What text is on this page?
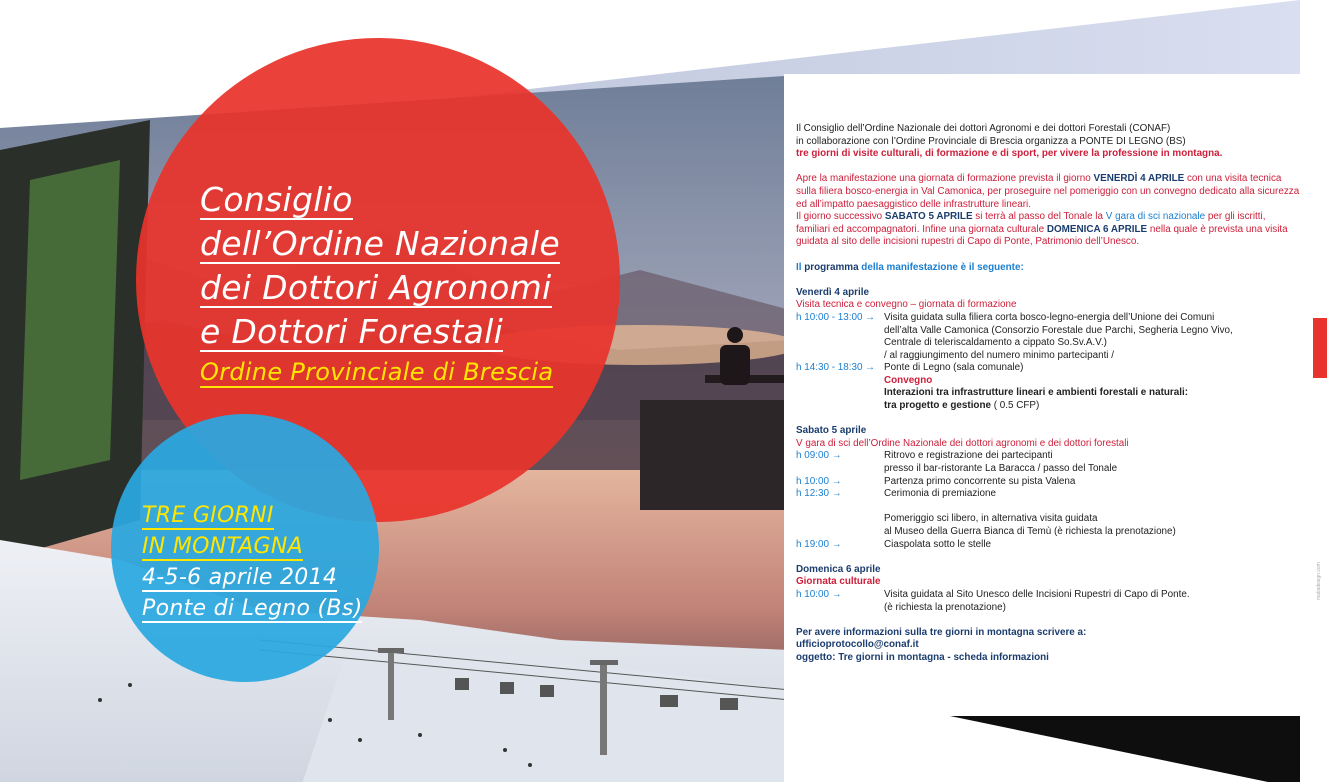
Consiglio
dell’Ordine Nazionale
dei Dottori Agronomi
e Dottori Forestali
Ordine Provinciale di Brescia
TRE GIORNI
IN MONTAGNA
4-5-6 aprile 2014
Ponte di Legno (Bs)
Il Consiglio dell’Ordine Nazionale dei dottori Agronomi e dei dottori Forestali (CONAF)
in collaborazione con l’Ordine Provinciale di Brescia organizza a PONTE DI LEGNO (BS)
tre giorni di visite culturali, di formazione e di sport, per vivere la professione in montagna.
Apre la manifestazione una giornata di formazione prevista il giorno VENERDÌ 4 APRILE con una visita tecnica sulla filiera bosco-energia in Val Camonica, per proseguire nel pomeriggio con un convegno dedicato alla sicurezza ed all’impatto paesaggistico delle infrastrutture lineari.
Il giorno successivo SABATO 5 APRILE si terrà al passo del Tonale la V gara di sci nazionale per gli iscritti, familiari ed accompagnatori. Infine una giornata culturale DOMENICA 6 APRILE nella quale è prevista una visita guidata al sito delle incisioni rupestri di Capo di Ponte, Patrimonio dell’Unesco.
Il programma della manifestazione è il seguente:
Venerdì 4 aprile
Visita tecnica e convegno – giornata di formazione
h 10:00 - 13:00 → Visita guidata sulla filiera corta bosco-legno-energia dell’Unione dei Comuni
dell’alta Valle Camonica (Consorzio Forestale due Parchi, Segheria Legno Vivo,
Centrale di teleriscaldamento a cippato So.Sv.A.V.)
/ al raggiungimento del numero minimo partecipanti /
h 14:30 - 18:30 → Ponte di Legno (sala comunale)
Convegno
Interazioni tra infrastrutture lineari e ambienti forestali e naturali:
tra progetto e gestione ( 0.5 CFP)
Sabato 5 aprile
V gara di sci dell’Ordine Nazionale dei dottori agronomi e dei dottori forestali
h 09:00 →	Ritrovo e registrazione dei partecipanti
presso il bar-ristorante La Baracca / passo del Tonale
h 10:00 →	Partenza primo concorrente su pista Valena
h 12:30 →	Cerimonia di premiazione
Pomeriggio sci libero, in alternativa visita guidata
al Museo della Guerra Bianca di Temù (è richiesta la prenotazione)
h 19:00 →	Ciaspolata sotto le stelle
Domenica 6 aprile
Giornata culturale
h 10:00 →	Visita guidata al Sito Unesco delle Incisioni Rupestri di Capo di Ponte.
(è richiesta la prenotazione)
Per avere informazioni sulla tre giorni in montagna scrivere a:
ufficioprotocollo@conaf.it
oggetto: Tre giorni in montagna - scheda informazioni
matiadesign.com
